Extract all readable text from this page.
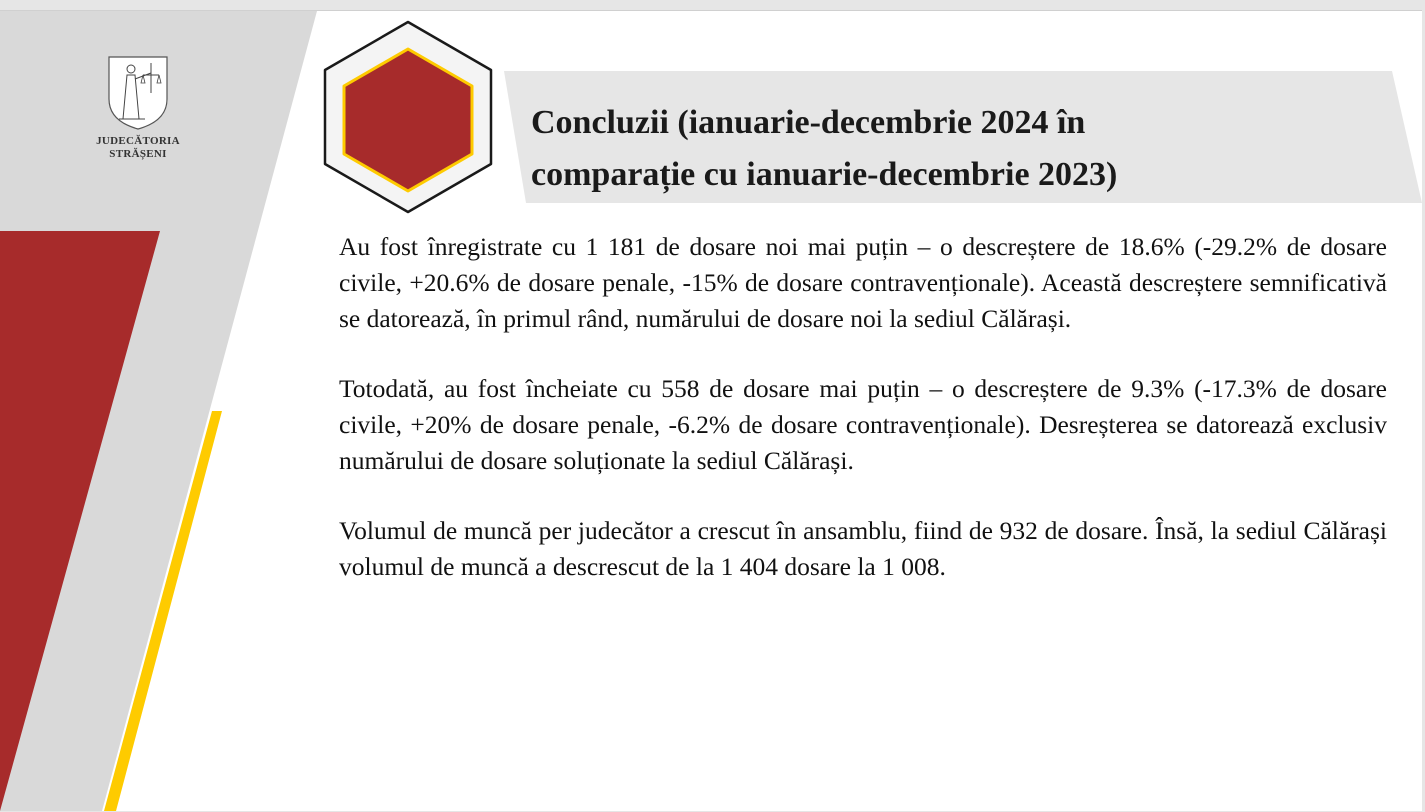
JUDECĂTORIA
STRĂȘENI
Concluzii (ianuarie-decembrie 2024 în
comparație cu ianuarie-decembrie 2023)

Au fost înregistrate cu 1 181 de dosare noi mai puțin – o descreștere de 18.6% (-29.2% de dosare civile, +20.6% de dosare penale, -15% de dosare contravenționale). Această descreștere semnificativă se datorează, în primul rând, numărului de dosare noi la sediul Călărași.

Totodată, au fost încheiate cu 558 de dosare mai puțin – o descreștere de 9.3% (-17.3% de dosare civile, +20% de dosare penale, -6.2% de dosare contravenționale). Desreșterea se datorează exclusiv numărului de dosare soluționate la sediul Călărași.

Volumul de muncă per judecător a crescut în ansamblu, fiind de 932 de dosare. Însă, la sediul Călărași volumul de muncă a descrescut de la 1 404 dosare la 1 008.
